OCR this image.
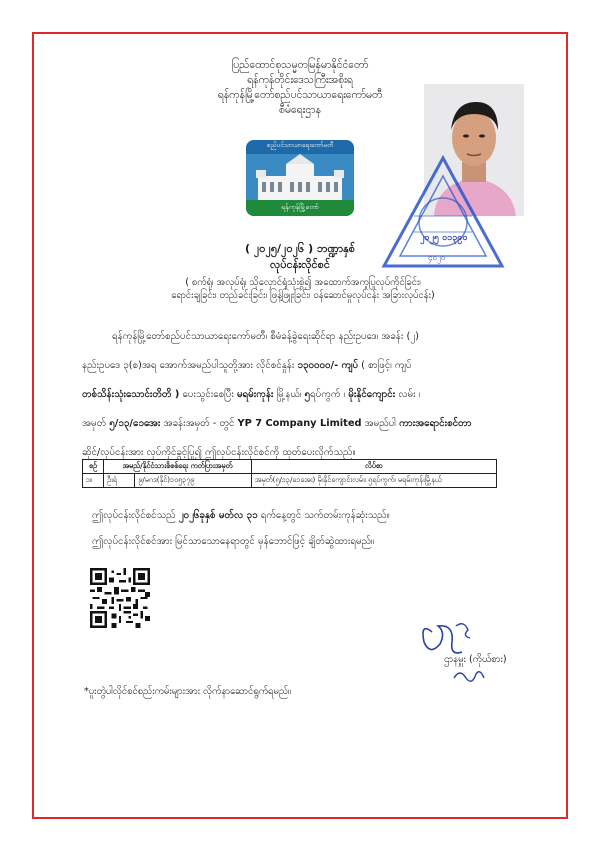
ပြည်ထောင်စုသမ္မတမြန်မာနိုင်ငံတော်
ရန်ကုန်တိုင်းဒေသကြီးအစိုးရ
ရန်ကုန်မြို့တော်စည်ပင်သာယာရေးကော်မတီ
စီမံရေးဌာန
စည်ပင်သာယာရေးကော်မတီ
ရန်ကုန်မြို့တော်
၂၀၂၅ ၀၁၃၉၀
၄၀၂၀
( ၂၀၂၅/၂၀၂၆ ) ဘဏ္ဍာနှစ်
လုပ်ငန်းလိုင်စင်
( စက်ရုံ၊ အလုပ်ရုံ၊ သိုလှောင်ရုံသုံးစွဲ၍ အထောက်အကူပြုလုပ်ကိုင်ခြင်း၊
ရောင်းချခြင်း၊ တည်ခင်းခြင်း၊ ဖြန့်ဖြူးခြင်း၊ ဝန်ဆောင်မှုလုပ်ငန်း အခြားလုပ်ငန်း)
ရန်ကုန်မြို့တော်စည်ပင်သာယာရေးကော်မတီ၊ စီမံခန့်ခွဲရေးဆိုင်ရာ နည်းဥပဒေ၊ အခန်း (၂)
နည်းဥပဒေ ၃(စ)အရ အောက်အမည်ပါသူတို့အား လိုင်စင်နှုန်း ၁၃၀၀၀၀/- ကျပ် ( စာဖြင့်၊ ကျပ်
တစ်သိန်းသုံးသောင်းတိတိ ) ပေးသွင်းစေပြီး မရမ်းကုန်း မြို့နယ်၊ ၅ရပ်ကွက် ၊ မိုးနိုင်ကျောင်း လမ်း ၊
အမှတ် ၅/၁၃/၁ေအေး အခန်းအမှတ် - တွင် YP 7 Company Limited အမည်ပါ ကားအရောင်းစင်တာ
ဆိုင်/လုပ်ငန်းအား လုပ်ကိုင်ခွင့်ပြု၍ ဤလုပ်ငန်းလိုင်စင်ကို ထုတ်ပေးလိုက်သည်။
စဉ်	အမည်/နိုင်ငံသားစိစစ်ရေး ကတ်ပြားအမှတ်		လိပ်စာ
၁။	ဦးရဲ	၉/မဂဒ(နိုင်)၁၀၅၃၇၉	အမှတ်(၅/၁၃/၁ေအေး) မိုးနိုင်ကျောင်းလမ်း၊ ၅ရပ်ကွက်၊ မရမ်းကုန်းမြို့နယ်
ဤလုပ်ငန်းလိုင်စင်သည် ၂၀၂၆ခုနှစ် မတ်လ ၃၁ ရက်နေ့တွင် သက်တမ်းကုန်ဆုံးသည်။
ဤလုပ်ငန်းလိုင်စင်အား မြင်သာသောနေရာတွင် မှန်ဘောင်ဖြင့် ချိတ်ဆွဲထားရမည်။
ဌာနမှူး (ကိုယ်စား)
*ပူးတွဲပါလိုင်စင်စည်းကမ်းများအား လိုက်နာဆောင်ရွက်ရမည်။
